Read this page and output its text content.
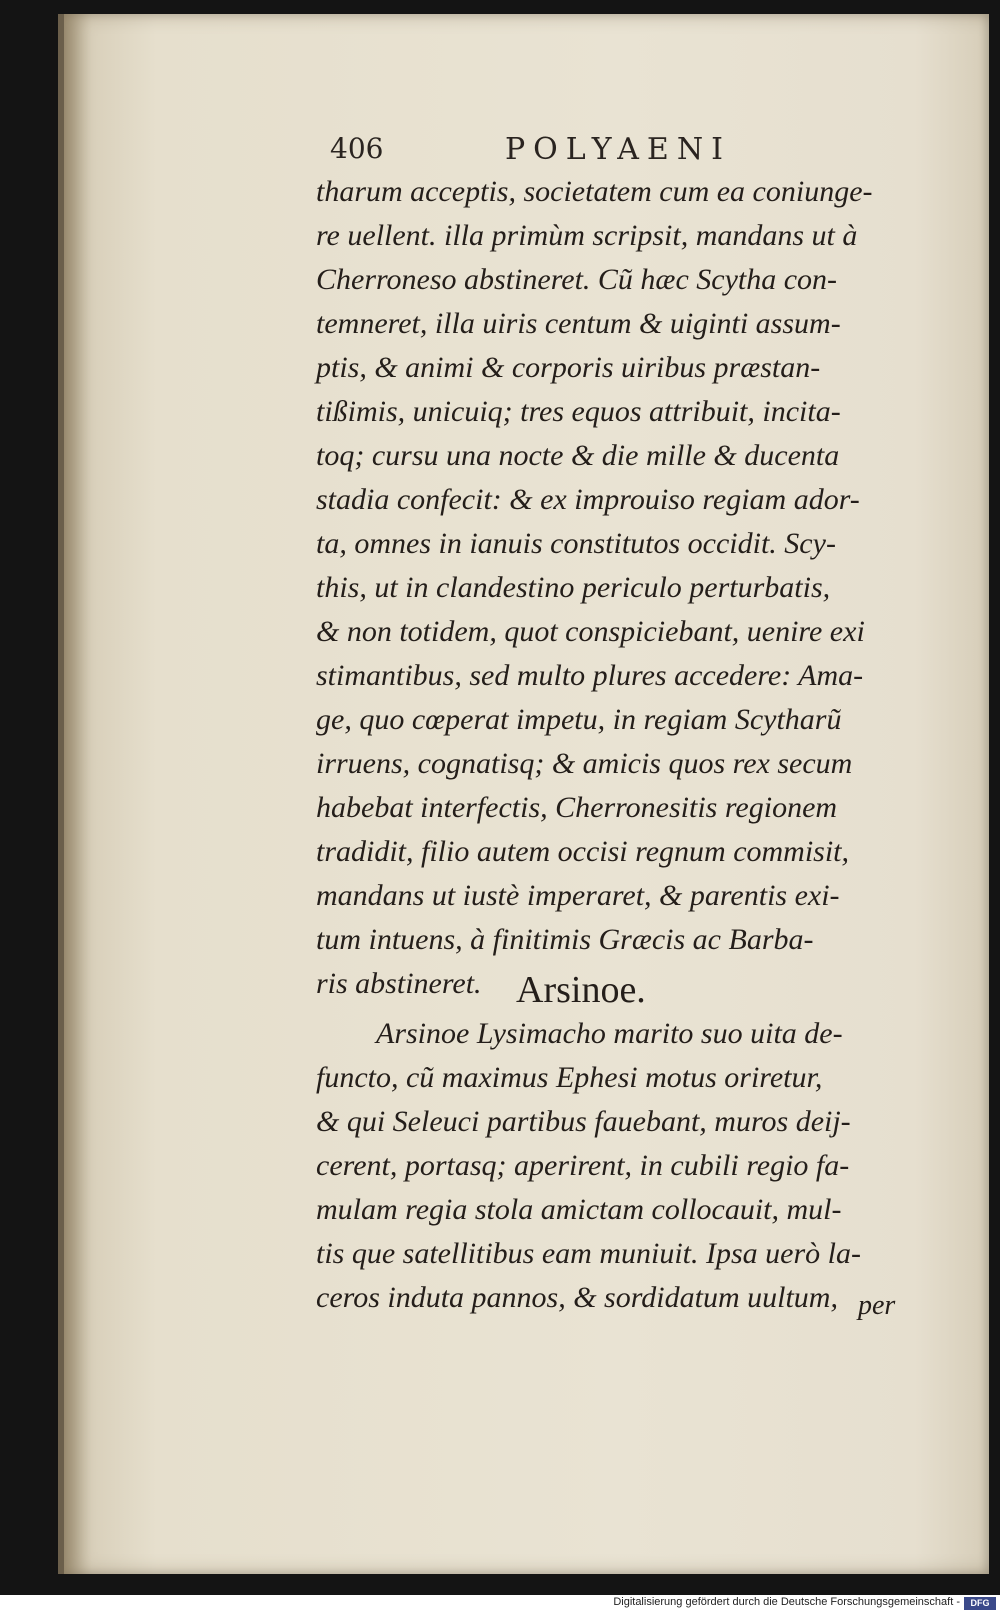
406	POLYAENI
tharum acceptis, societatem cum ea coniunge-
re uellent. illa primùm scripsit, mandans ut à
Cherroneso abstineret. Cũ hæc Scytha con-
temneret, illa uiris centum & uiginti assum-
ptis, & animi & corporis uiribus præstan-
tißimis, unicuiq; tres equos attribuit, incita-
toq; cursu una nocte & die mille & ducenta
stadia confecit: & ex improuiso regiam ador-
ta, omnes in ianuis constitutos occidit. Scy-
this, ut in clandestino periculo perturbatis,
& non totidem, quot conspiciebant, uenire exi
stimantibus, sed multo plures accedere: Ama-
ge, quo cœperat impetu, in regiam Scytharũ
irruens, cognatisq; & amicis quos rex secum
habebat interfectis, Cherronesitis regionem
tradidit, filio autem occisi regnum commisit,
mandans ut iustè imperaret, & parentis exi-
tum intuens, à finitimis Græcis ac Barba-
ris abstineret. Arsinoe.
Arsinoe Lysimacho marito suo uita de-
functo, cũ maximus Ephesi motus oriretur,
& qui Seleuci partibus fauebant, muros deij-
cerent, portasq; aperirent, in cubili regio fa-
mulam regia stola amictam collocauit, mul-
tis que satellitibus eam muniuit. Ipsa uerò la-
ceros induta pannos, & sordidatum uultum, per
Digitalisierung gefördert durch die Deutsche Forschungsgemeinschaft -	DFG
